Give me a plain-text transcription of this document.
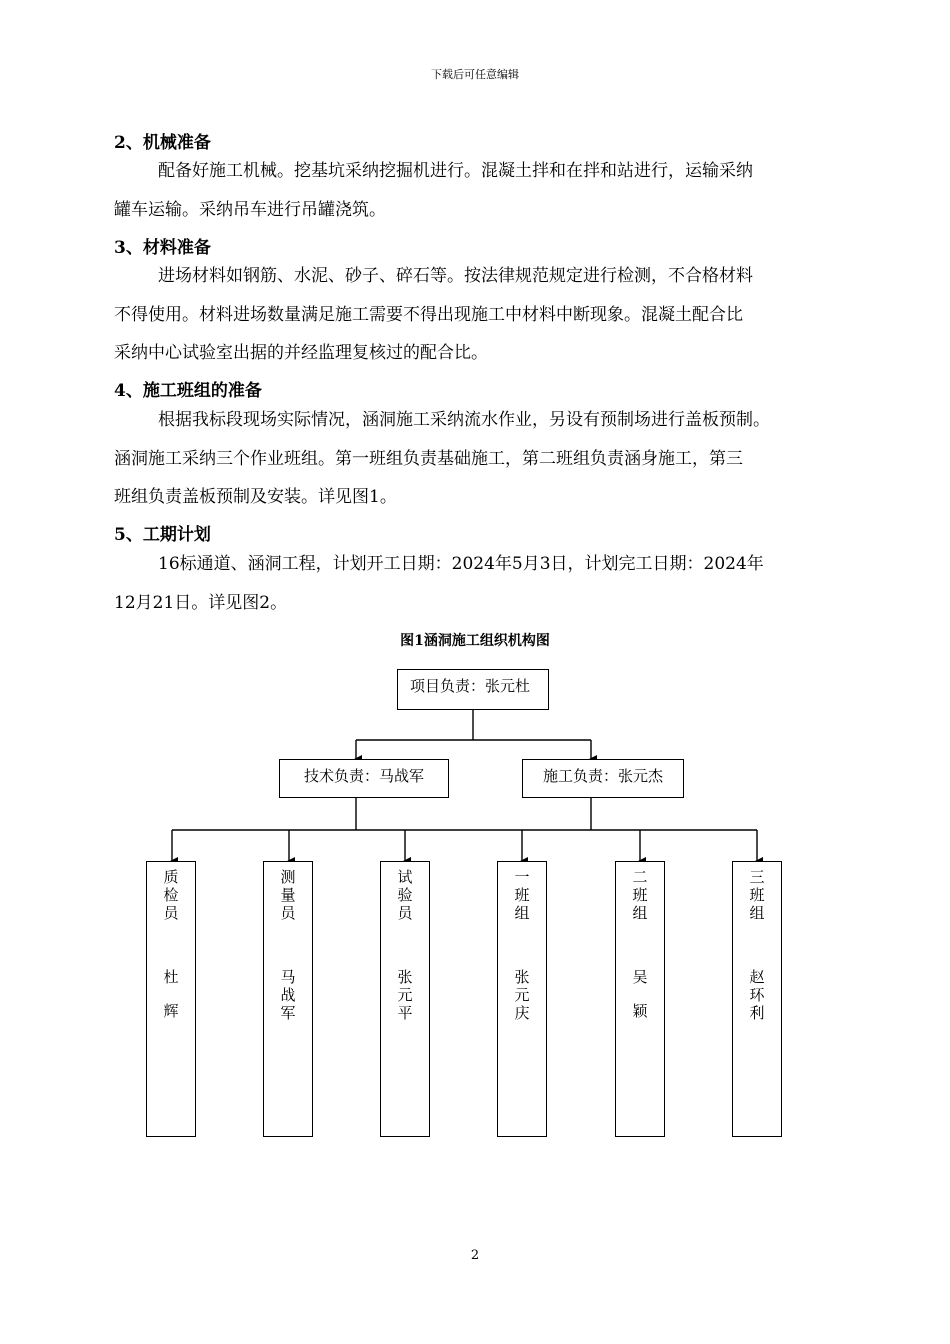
下载后可任意编辑
2、机械准备
配备好施工机械。挖基坑采纳挖掘机进行。混凝土拌和在拌和站进行，运输采纳
罐车运输。采纳吊车进行吊罐浇筑。
3、材料准备
进场材料如钢筋、水泥、砂子、碎石等。按法律规范规定进行检测，不合格材料
不得使用。材料进场数量满足施工需要不得出现施工中材料中断现象。混凝土配合比
采纳中心试验室出据的并经监理复核过的配合比。
4、施工班组的准备
根据我标段现场实际情况，涵洞施工采纳流水作业，另设有预制场进行盖板预制。
涵洞施工采纳三个作业班组。第一班组负责基础施工，第二班组负责涵身施工，第三
班组负责盖板预制及安装。详见图1。
5、工期计划
16标通道、涵洞工程，计划开工日期：2024年5月3日，计划完工日期：2024年
12月21日。详见图2。
图1涵洞施工组织机构图
项目负责：张元杜
技术负责：马战军	施工负责：张元杰
质检员
杜辉
测量员
马战军
试验员
张元平
一班组
张元庆
二班组
吴颖
三班组
赵环利
2
